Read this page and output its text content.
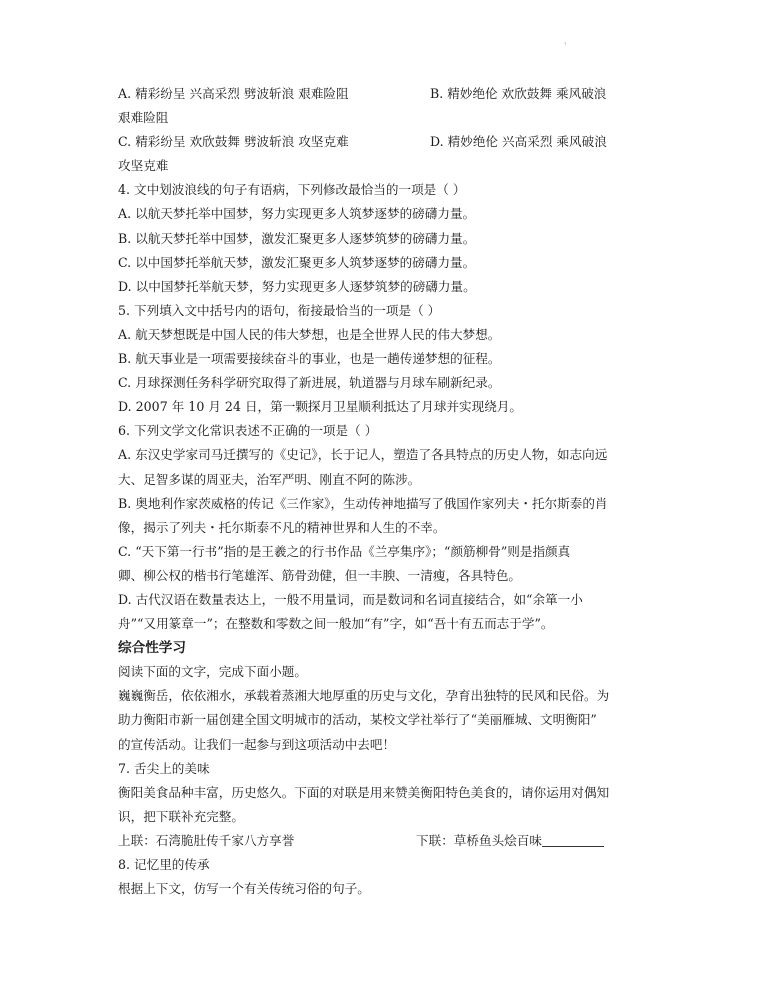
'
A. 精彩纷呈 兴高采烈 劈波斩浪 艰难险阻	B. 精妙绝伦 欢欣鼓舞 乘风破浪
艰难险阻
C. 精彩纷呈 欢欣鼓舞 劈波斩浪 攻坚克难	D. 精妙绝伦 兴高采烈 乘风破浪
攻坚克难
4. 文中划波浪线的句子有语病，下列修改最恰当的一项是（ ）
A. 以航天梦托举中国梦，努力实现更多人筑梦逐梦的磅礴力量。
B. 以航天梦托举中国梦，激发汇聚更多人逐梦筑梦的磅礴力量。
C. 以中国梦托举航天梦，激发汇聚更多人筑梦逐梦的磅礴力量。
D. 以中国梦托举航天梦，努力实现更多人逐梦筑梦的磅礴力量。
5. 下列填入文中括号内的语句，衔接最恰当的一项是（ ）
A. 航天梦想既是中国人民的伟大梦想，也是全世界人民的伟大梦想。
B. 航天事业是一项需要接续奋斗的事业，也是一趟传递梦想的征程。
C. 月球探测任务科学研究取得了新进展，轨道器与月球车刷新纪录。
D. 2007 年 10 月 24 日，第一颗探月卫星顺利抵达了月球并实现绕月。
6. 下列文学文化常识表述不正确的一项是（ ）
A. 东汉史学家司马迁撰写的《史记》，长于记人，塑造了各具特点的历史人物，如志向远
大、足智多谋的周亚夫，治军严明、刚直不阿的陈涉。
B. 奥地利作家茨威格的传记《三作家》，生动传神地描写了俄国作家列夫・托尔斯泰的肖
像，揭示了列夫・托尔斯泰不凡的精神世界和人生的不幸。
C. “天下第一行书”指的是王羲之的行书作品《兰亭集序》；“颜筋柳骨”则是指颜真
卿、柳公权的楷书行笔雄浑、筋骨劲健，但一丰腴、一清瘦，各具特色。
D. 古代汉语在数量表达上，一般不用量词，而是数词和名词直接结合，如“余箪一小
舟”“又用篆章一”；在整数和零数之间一般加“有”字，如“吾十有五而志于学”。
综合性学习
阅读下面的文字，完成下面小题。
巍巍衡岳，依依湘水，承载着蒸湘大地厚重的历史与文化，孕育出独特的民风和民俗。为
助力衡阳市新一届创建全国文明城市的活动，某校文学社举行了“美丽雁城、文明衡阳”
的宣传活动。让我们一起参与到这项活动中去吧！
7. 舌尖上的美味
衡阳美食品种丰富，历史悠久。下面的对联是用来赞美衡阳特色美食的，请你运用对偶知
识，把下联补充完整。
上联：石湾脆肚传千家八方享誉	下联：草桥鱼头烩百味
8. 记忆里的传承
根据上下文，仿写一个有关传统习俗的句子。
